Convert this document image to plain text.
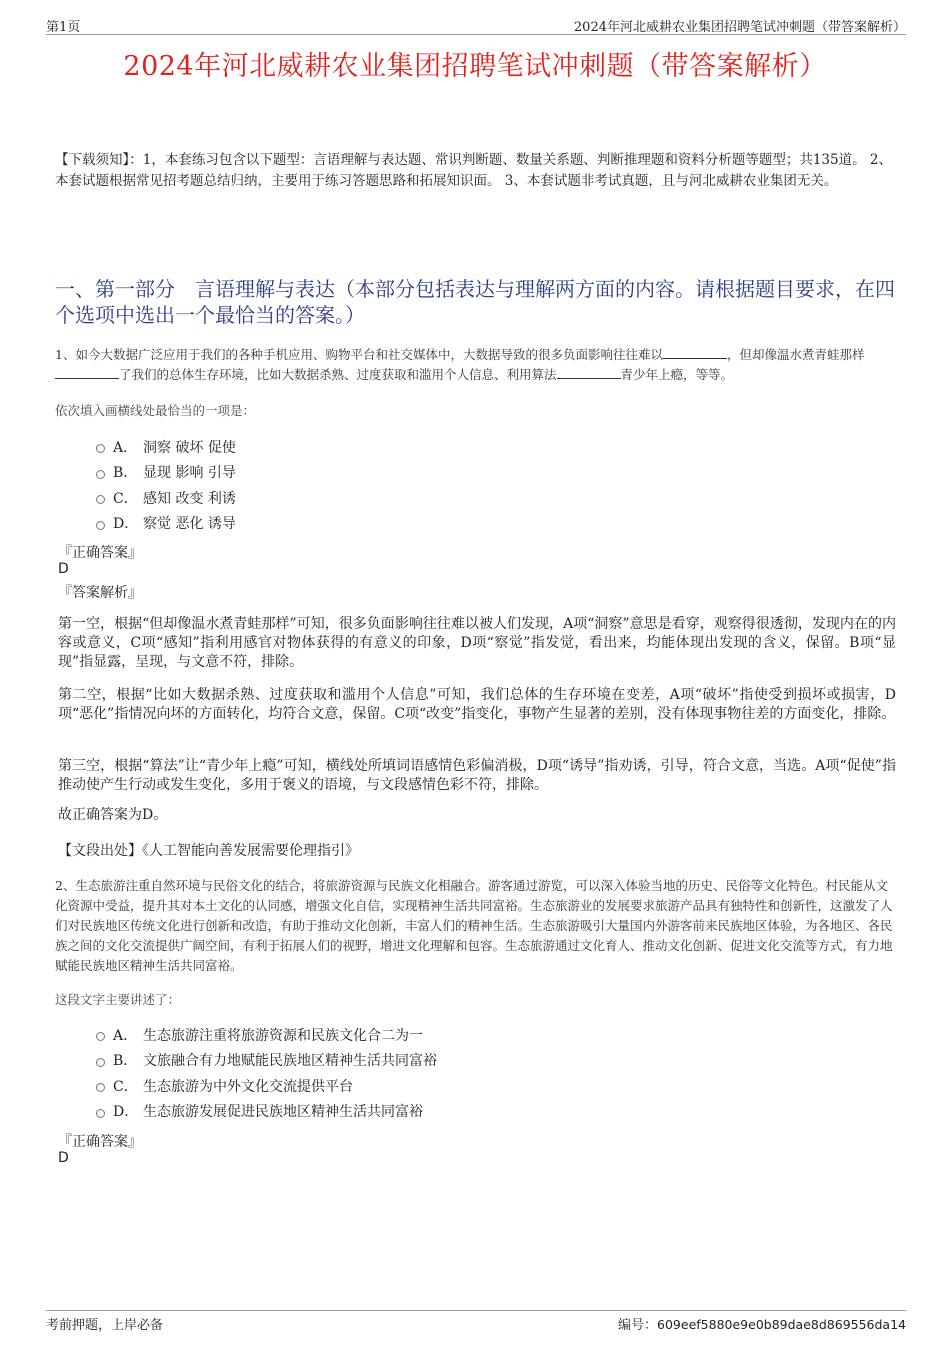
第1页	2024年河北威耕农业集团招聘笔试冲刺题（带答案解析）
2024年河北威耕农业集团招聘笔试冲刺题（带答案解析）
【下载须知】：1，本套练习包含以下题型：言语理解与表达题、常识判断题、数量关系题、判断推理题和资料分析题等题型；共135道。 2、本套试题根据常见招考题总结归纳，主要用于练习答题思路和拓展知识面。 3、本套试题非考试真题，且与河北威耕农业集团无关。
一、第一部分　言语理解与表达（本部分包括表达与理解两方面的内容。请根据题目要求，在四个选项中选出一个最恰当的答案。）
1、如今大数据广泛应用于我们的各种手机应用、购物平台和社交媒体中，大数据导致的很多负面影响往往难以	，但却像温水煮青蛙那样了我们的总体生存环境，比如大数据杀熟、过度获取和滥用个人信息、利用算法	青少年上瘾，等等。
依次填入画横线处最恰当的一项是：
A． 洞察 破坏 促使
B． 显现 影响 引导
C． 感知 改变 利诱
D． 察觉 恶化 诱导
『正确答案』
D
『答案解析』
第一空，根据“但却像温水煮青蛙那样”可知，很多负面影响往往难以被人们发现，A项“洞察”意思是看穿，观察得很透彻，发现内在的内容或意义，C项“感知”指利用感官对物体获得的有意义的印象，D项“察觉”指发觉，看出来，均能体现出发现的含义，保留。B项“显现”指显露，呈现，与文意不符，排除。
第二空，根据“比如大数据杀熟、过度获取和滥用个人信息”可知，我们总体的生存环境在变差，A项“破坏”指使受到损坏或损害，D项“恶化”指情况向坏的方面转化，均符合文意，保留。C项“改变”指变化，事物产生显著的差别，没有体现事物往差的方面变化，排除。
第三空，根据“算法”让“青少年上瘾”可知，横线处所填词语感情色彩偏消极，D项“诱导”指劝诱，引导，符合文意，当选。A项“促使”指推动使产生行动或发生变化，多用于褒义的语境，与文段感情色彩不符，排除。
故正确答案为D。
【文段出处】《人工智能向善发展需要伦理指引》
2、生态旅游注重自然环境与民俗文化的结合，将旅游资源与民族文化相融合。游客通过游览，可以深入体验当地的历史、民俗等文化特色。村民能从文化资源中受益，提升其对本土文化的认同感，增强文化自信，实现精神生活共同富裕。生态旅游业的发展要求旅游产品具有独特性和创新性，这激发了人们对民族地区传统文化进行创新和改造，有助于推动文化创新，丰富人们的精神生活。生态旅游吸引大量国内外游客前来民族地区体验，为各地区、各民族之间的文化交流提供广阔空间，有利于拓展人们的视野，增进文化理解和包容。生态旅游通过文化育人、推动文化创新、促进文化交流等方式，有力地赋能民族地区精神生活共同富裕。
这段文字主要讲述了：
A． 生态旅游注重将旅游资源和民族文化合二为一
B． 文旅融合有力地赋能民族地区精神生活共同富裕
C． 生态旅游为中外文化交流提供平台
D． 生态旅游发展促进民族地区精神生活共同富裕
『正确答案』
D
考前押题，上岸必备	编号：609eef5880e9e0b89dae8d869556da14
